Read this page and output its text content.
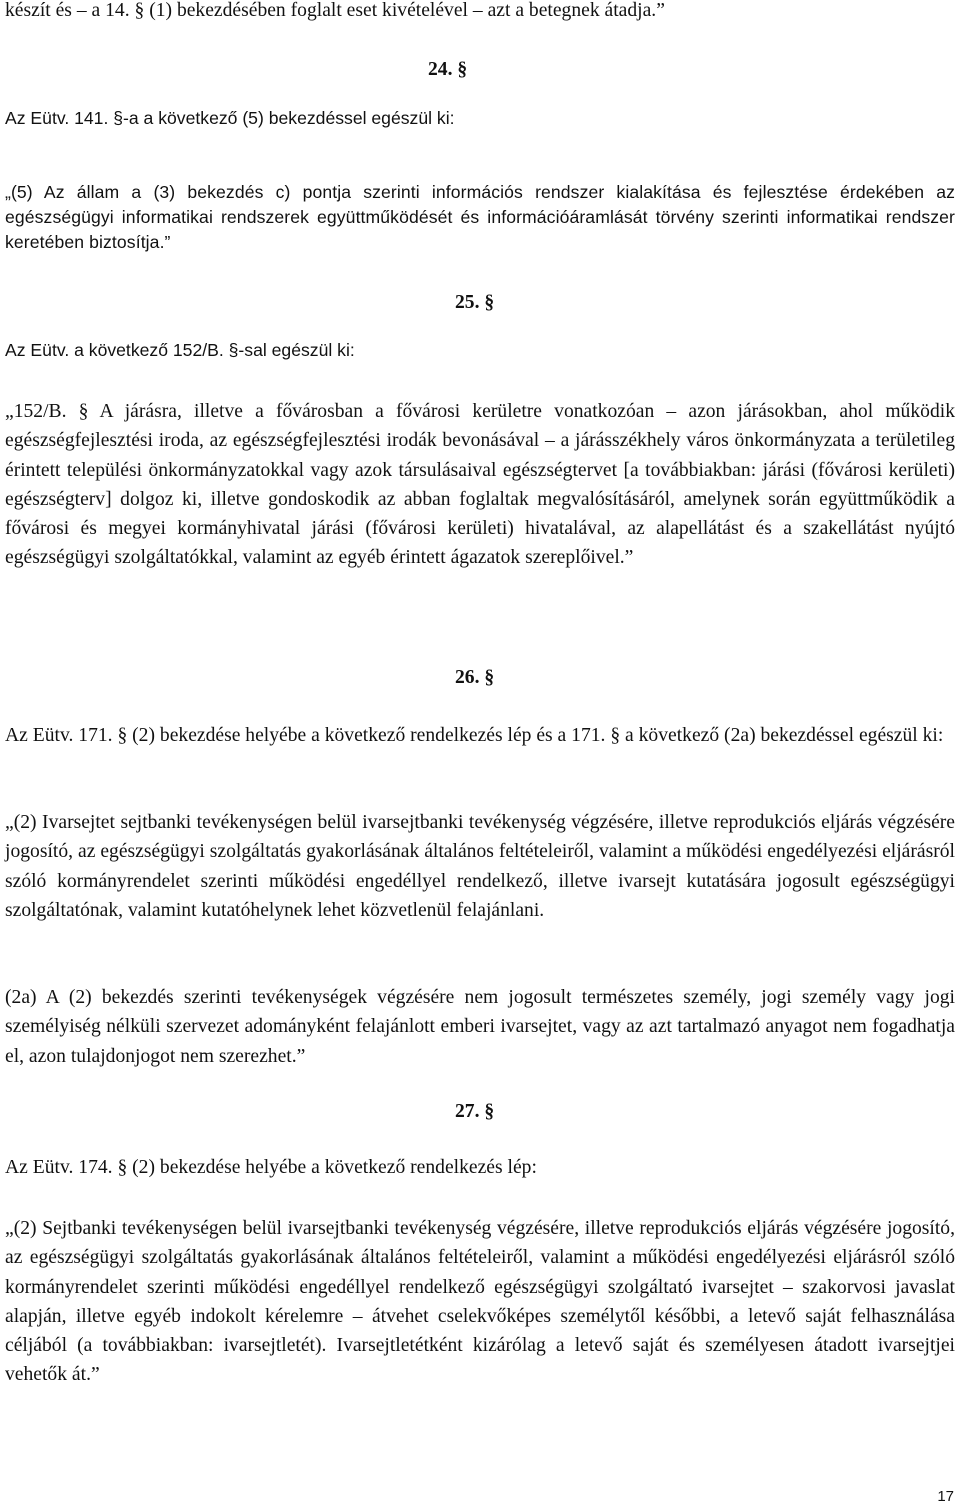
készít és – a 14. § (1) bekezdésében foglalt eset kivételével – azt a betegnek átadja.”
24. §
Az Eütv. 141. §-a a következő (5) bekezdéssel egészül ki:

„(5) Az állam a (3) bekezdés c) pontja szerinti információs rendszer kialakítása és fejlesztése érdekében az egészségügyi informatikai rendszerek együttműködését és információáramlását törvény szerinti informatikai rendszer keretében biztosítja.”

25. §
Az Eütv. a következő 152/B. §-sal egészül ki:

„152/B. § A járásra, illetve a fővárosban a fővárosi kerületre vonatkozóan – azon járásokban, ahol működik egészségfejlesztési iroda, az egészségfejlesztési irodák bevonásával – a járásszékhely város önkormányzata a területileg érintett települési önkormányzatokkal vagy azok társulásaival egészségtervet [a továbbiakban: járási (fővárosi kerületi) egészségterv] dolgoz ki, illetve gondoskodik az abban foglaltak megvalósításáról, amelynek során együttműködik a fővárosi és megyei kormányhivatal járási (fővárosi kerületi) hivatalával, az alapellátást és a szakellátást nyújtó egészségügyi szolgáltatókkal, valamint az egyéb érintett ágazatok szereplőivel.”

26. §

Az Eütv. 171. § (2) bekezdése helyébe a következő rendelkezés lép és a 171. § a következő (2a) bekezdéssel egészül ki:

„(2) Ivarsejtet sejtbanki tevékenységen belül ivarsejtbanki tevékenység végzésére, illetve reprodukciós eljárás végzésére jogosító, az egészségügyi szolgáltatás gyakorlásának általános feltételeiről, valamint a működési engedélyezési eljárásról szóló kormányrendelet szerinti működési engedéllyel rendelkező, illetve ivarsejt kutatására jogosult egészségügyi szolgáltatónak, valamint kutatóhelynek lehet közvetlenül felajánlani.

(2a) A (2) bekezdés szerinti tevékenységek végzésére nem jogosult természetes személy, jogi személy vagy jogi személyiség nélküli szervezet adományként felajánlott emberi ivarsejtet, vagy az azt tartalmazó anyagot nem fogadhatja el, azon tulajdonjogot nem szerezhet.”

27. §
Az Eütv. 174. § (2) bekezdése helyébe a következő rendelkezés lép:

„(2) Sejtbanki tevékenységen belül ivarsejtbanki tevékenység végzésére, illetve reprodukciós eljárás végzésére jogosító, az egészségügyi szolgáltatás gyakorlásának általános feltételeiről, valamint a működési engedélyezési eljárásról szóló kormányrendelet szerinti működési engedéllyel rendelkező egészségügyi szolgáltató ivarsejtet – szakorvosi javaslat alapján, illetve egyéb indokolt kérelemre – átvehet cselekvőképes személytől későbbi, a letevő saját felhasználása céljából (a továbbiakban: ivarsejtletét). Ivarsejtletétként kizárólag a letevő saját és személyesen átadott ivarsejtjei vehetők át.”

17
